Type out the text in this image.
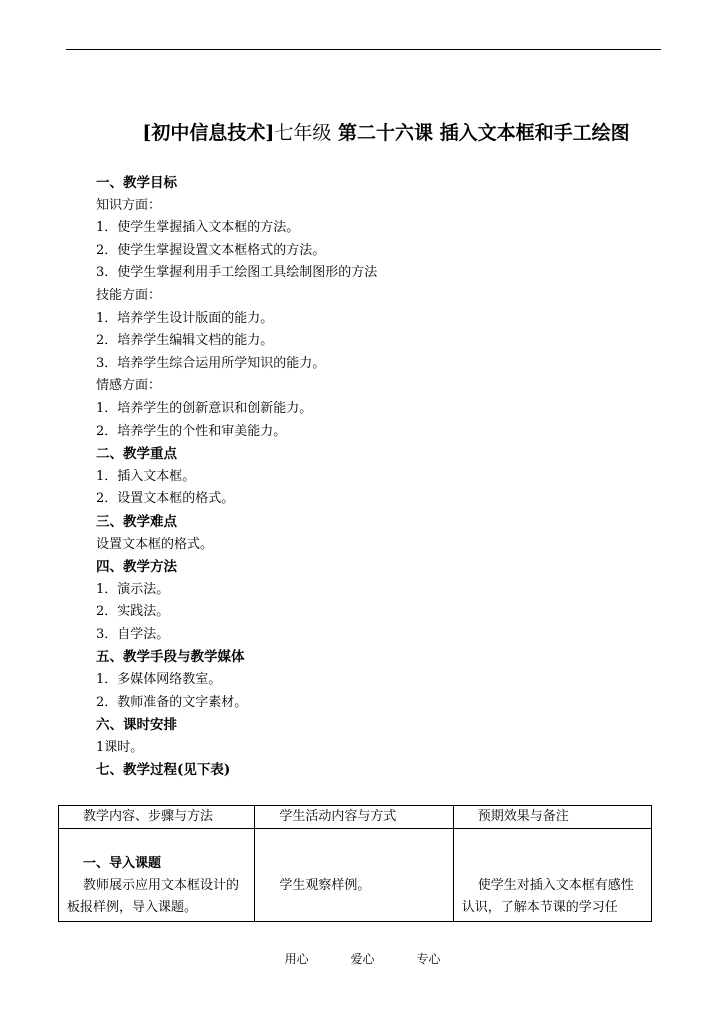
[初中信息技术]七年级 第二十六课 插入文本框和手工绘图
一、教学目标
知识方面：
1．使学生掌握插入文本框的方法。
2．使学生掌握设置文本框格式的方法。
3．使学生掌握利用手工绘图工具绘制图形的方法
技能方面：
1．培养学生设计版面的能力。
2．培养学生编辑文档的能力。
3．培养学生综合运用所学知识的能力。
情感方面：
1．培养学生的创新意识和创新能力。
2．培养学生的个性和审美能力。
二、教学重点
1．插入文本框。
2．设置文本框的格式。
三、教学难点
设置文本框的格式。
四、教学方法
1．演示法。
2．实践法。
3．自学法。
五、教学手段与教学媒体
1．多媒体网络教室。
2．教师准备的文字素材。
六、课时安排
1课时。
七、教学过程(见下表)
教学内容、步骤与方法	学生活动内容与方式	预期效果与备注

一、导入课题
教师展示应用文本框设计的板报样例，导入课题。	学生观察样例。	使学生对插入文本框有感性认识，了解本节课的学习任
用心	爱心	专心
